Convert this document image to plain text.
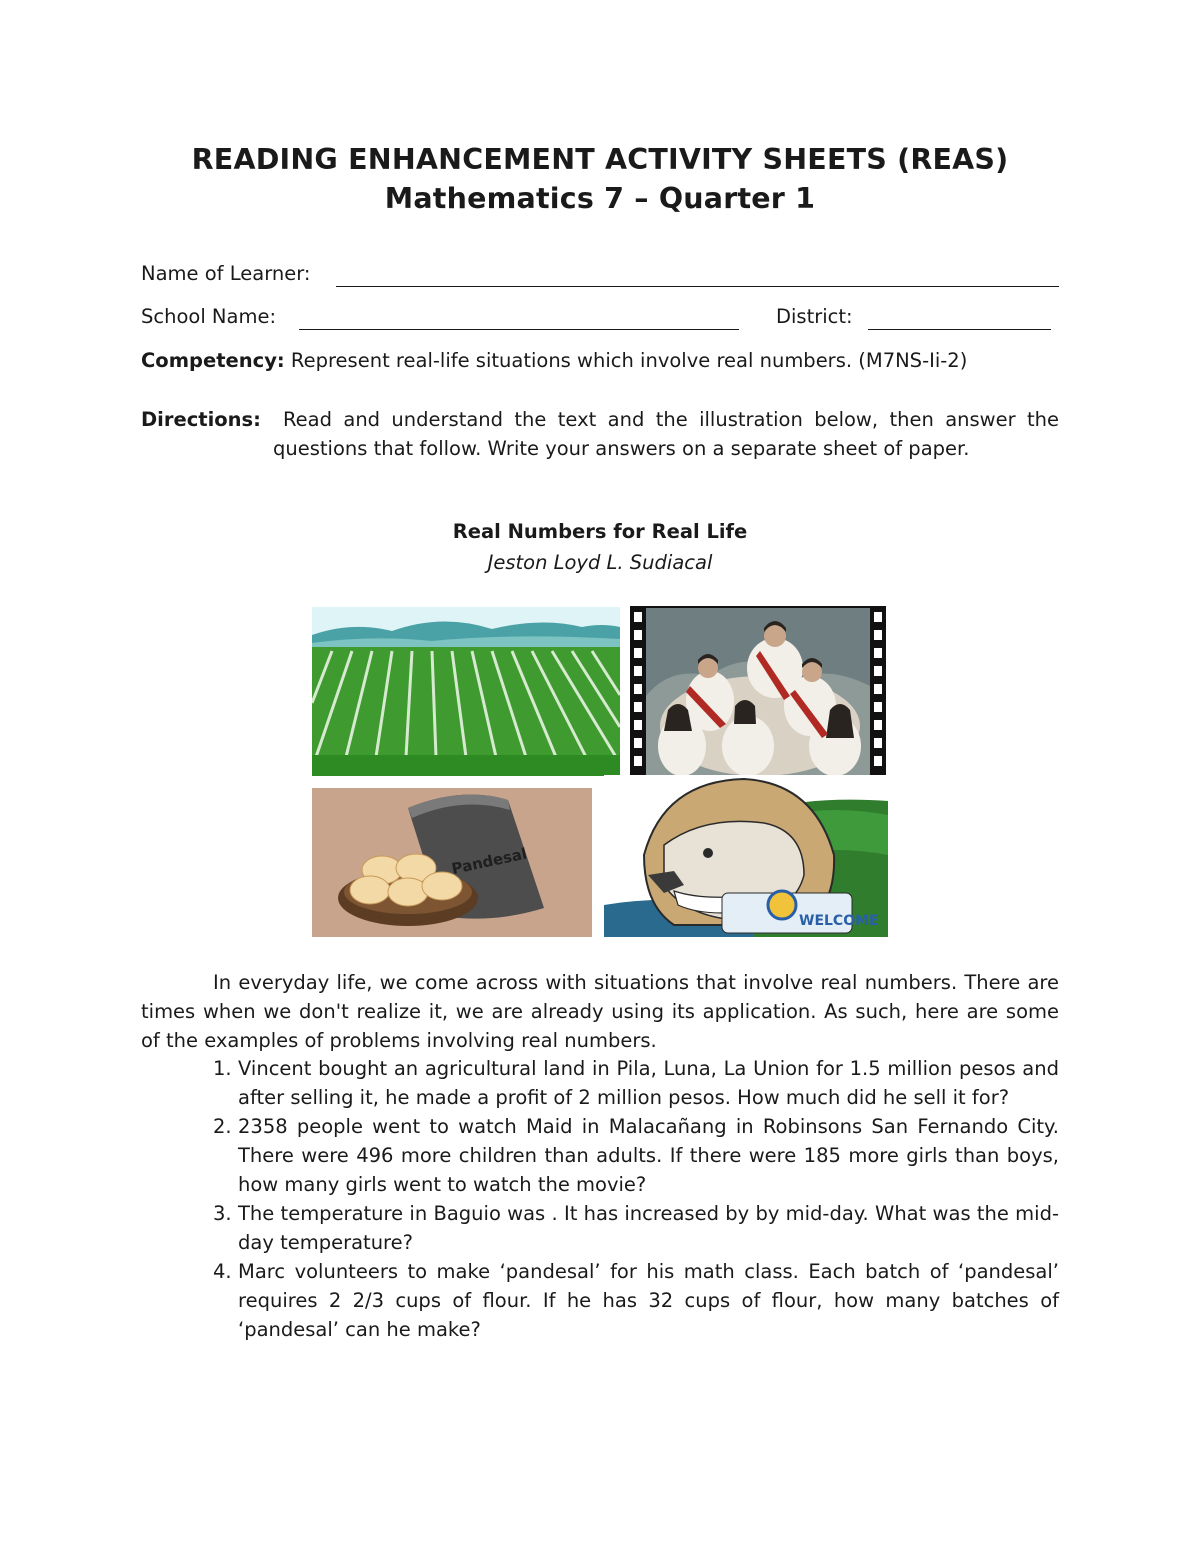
READING ENHANCEMENT ACTIVITY SHEETS (REAS)
Mathematics 7 – Quarter 1
Name of Learner:
School Name:	District:
Competency: Represent real-life situations which involve real numbers. (M7NS-Ii-2)
Directions:	Read and understand the text and the illustration below, then answer the questions that follow. Write your answers on a separate sheet of paper.
Real Numbers for Real Life
Jeston Loyd L. Sudiacal
Pandesal
WELCOME
In everyday life, we come across with situations that involve real numbers. There are times when we don't realize it, we are already using its application. As such, here are some of the examples of problems involving real numbers.
1. Vincent bought an agricultural land in Pila, Luna, La Union for 1.5 million pesos and after selling it, he made a profit of 2 million pesos. How much did he sell it for?
2. 2358 people went to watch Maid in Malacañang in Robinsons San Fernando City. There were 496 more children than adults. If there were 185 more girls than boys, how many girls went to watch the movie?
3. The temperature in Baguio was . It has increased by by mid-day. What was the mid-day temperature?
4. Marc volunteers to make ‘pandesal’ for his math class. Each batch of ‘pandesal’ requires 2 2/3 cups of flour. If he has 32 cups of flour, how many batches of ‘pandesal’ can he make?
